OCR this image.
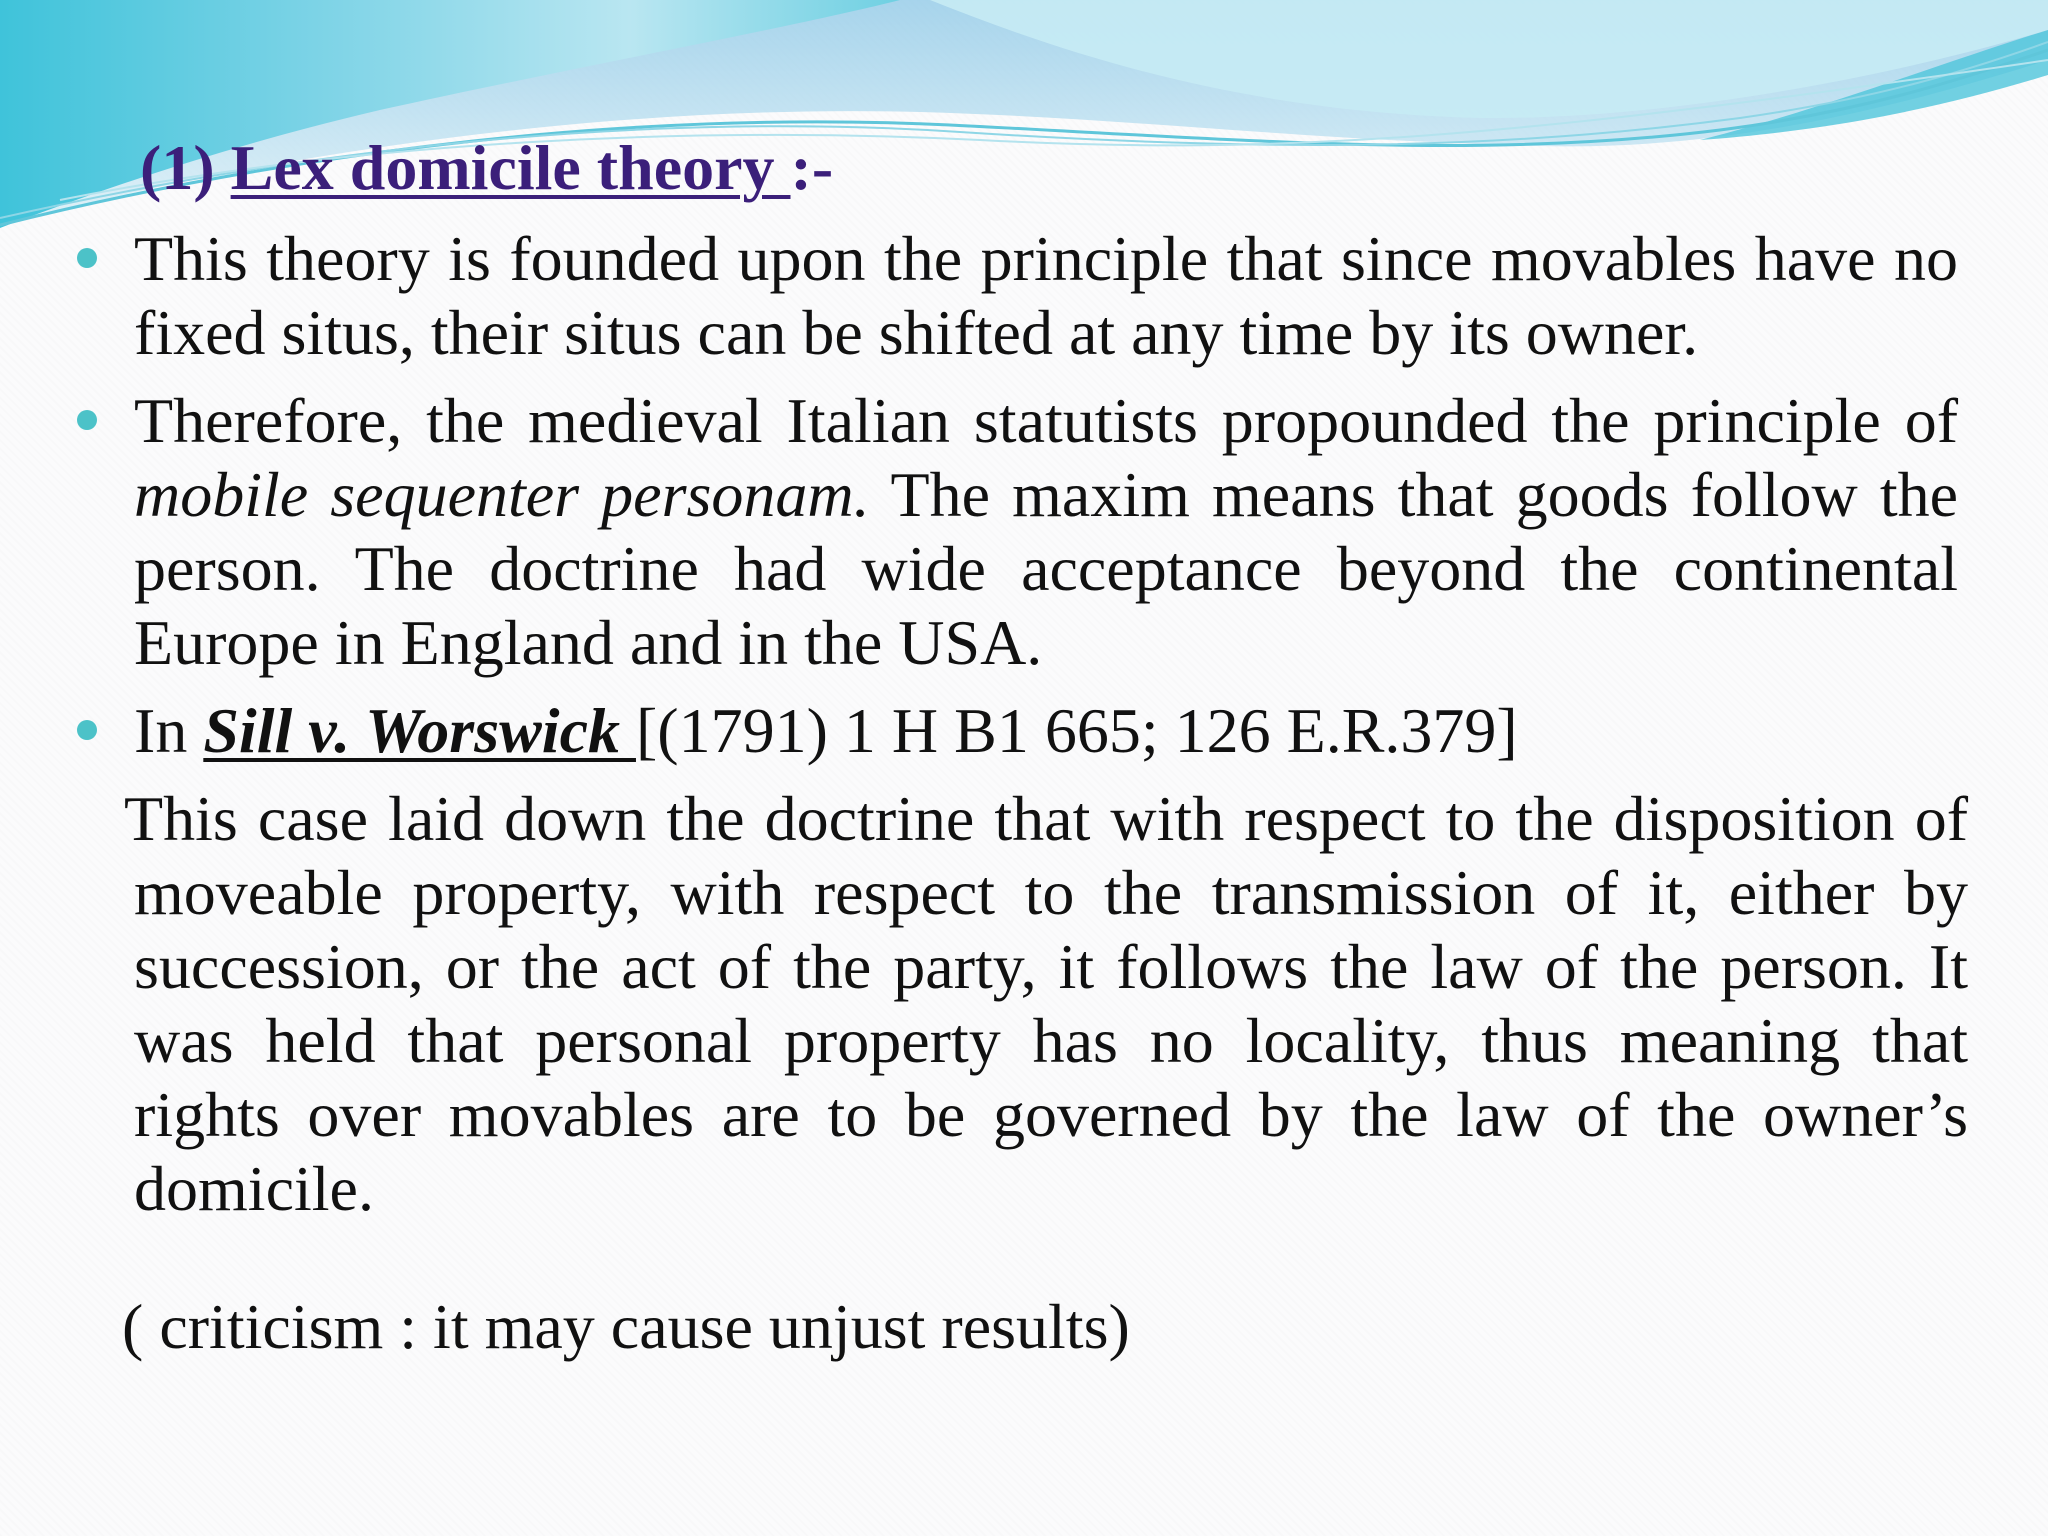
(1) Lex domicile theory :-
This theory is founded upon the principle that since movables have no fixed situs, their situs can be shifted at any time by its owner.
Therefore, the medieval Italian statutists propounded the principle of mobile sequenter personam. The maxim means that goods follow the person. The doctrine had wide acceptance beyond the continental Europe in England and in the USA.
In Sill v. Worswick [(1791) 1 H B1 665; 126 E.R.379]

This case laid down the doctrine that with respect to the disposition of moveable property, with respect to the transmission of it, either by succession, or the act of the party, it follows the law of the person. It was held that personal property has no locality, thus meaning that rights over movables are to be governed by the law of the owner’s domicile.

( criticism : it may cause unjust results)
